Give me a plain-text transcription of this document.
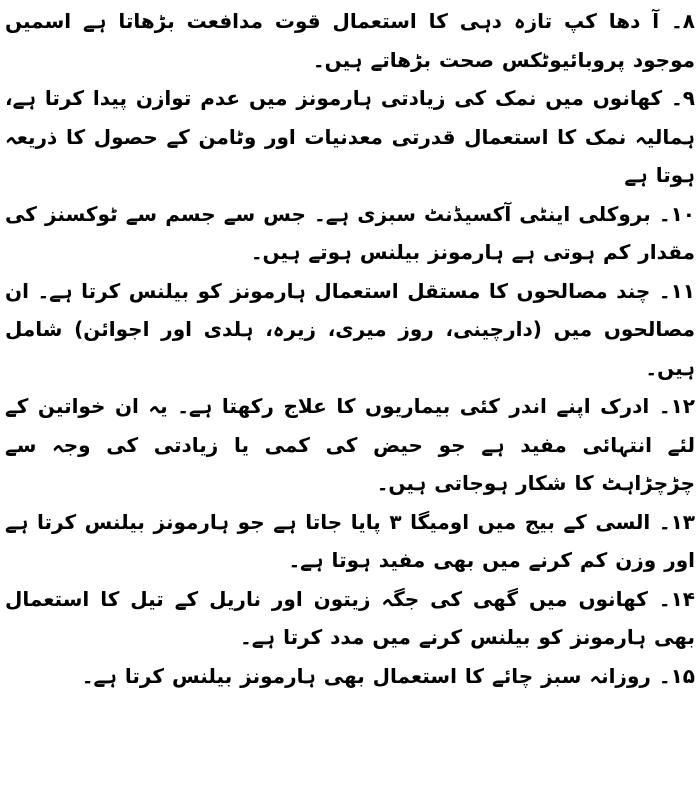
۸۔ آ دھا کپ تازہ دہی کا استعمال قوت مدافعت بڑھاتا ہے اسمیں موجود پروبائیوٹکس صحت بڑھاتے ہیں۔

۹۔ کھانوں میں نمک کی زیادتی ہارمونز میں عدم توازن پیدا کرتا ہے، ہمالیہ نمک کا استعمال قدرتی معدنیات اور وٹامن کے حصول کا ذریعہ ہوتا ہے

۱۰۔ بروکلی اینٹی آکسیڈنٹ سبزی ہے۔ جس سے جسم سے ٹوکسنز کی مقدار کم ہوتی ہے ہارمونز بیلنس ہوتے ہیں۔

۱۱۔ چند مصالحوں کا مستقل استعمال ہارمونز کو بیلنس کرتا ہے۔ ان مصالحوں میں (دارچینی، روز میری، زیرہ، ہلدی اور اجوائن) شامل ہیں۔

۱۲۔ ادرک اپنے اندر کئی بیماریوں کا علاج رکھتا ہے۔ یہ ان خواتین کے لئے انتہائی مفید ہے جو حیض کی کمی یا زیادتی کی وجہ سے چڑچڑاہٹ کا شکار ہوجاتی ہیں۔

۱۳۔ السی کے بیج میں اومیگا ۳ پایا جاتا ہے جو ہارمونز بیلنس کرتا ہے اور وزن کم کرنے میں بھی مفید ہوتا ہے۔

۱۴۔ کھانوں میں گھی کی جگہ زیتون اور ناریل کے تیل کا استعمال بھی ہارمونز کو بیلنس کرنے میں مدد کرتا ہے۔

۱۵۔ روزانہ سبز چائے کا استعمال بھی ہارمونز بیلنس کرتا ہے۔
